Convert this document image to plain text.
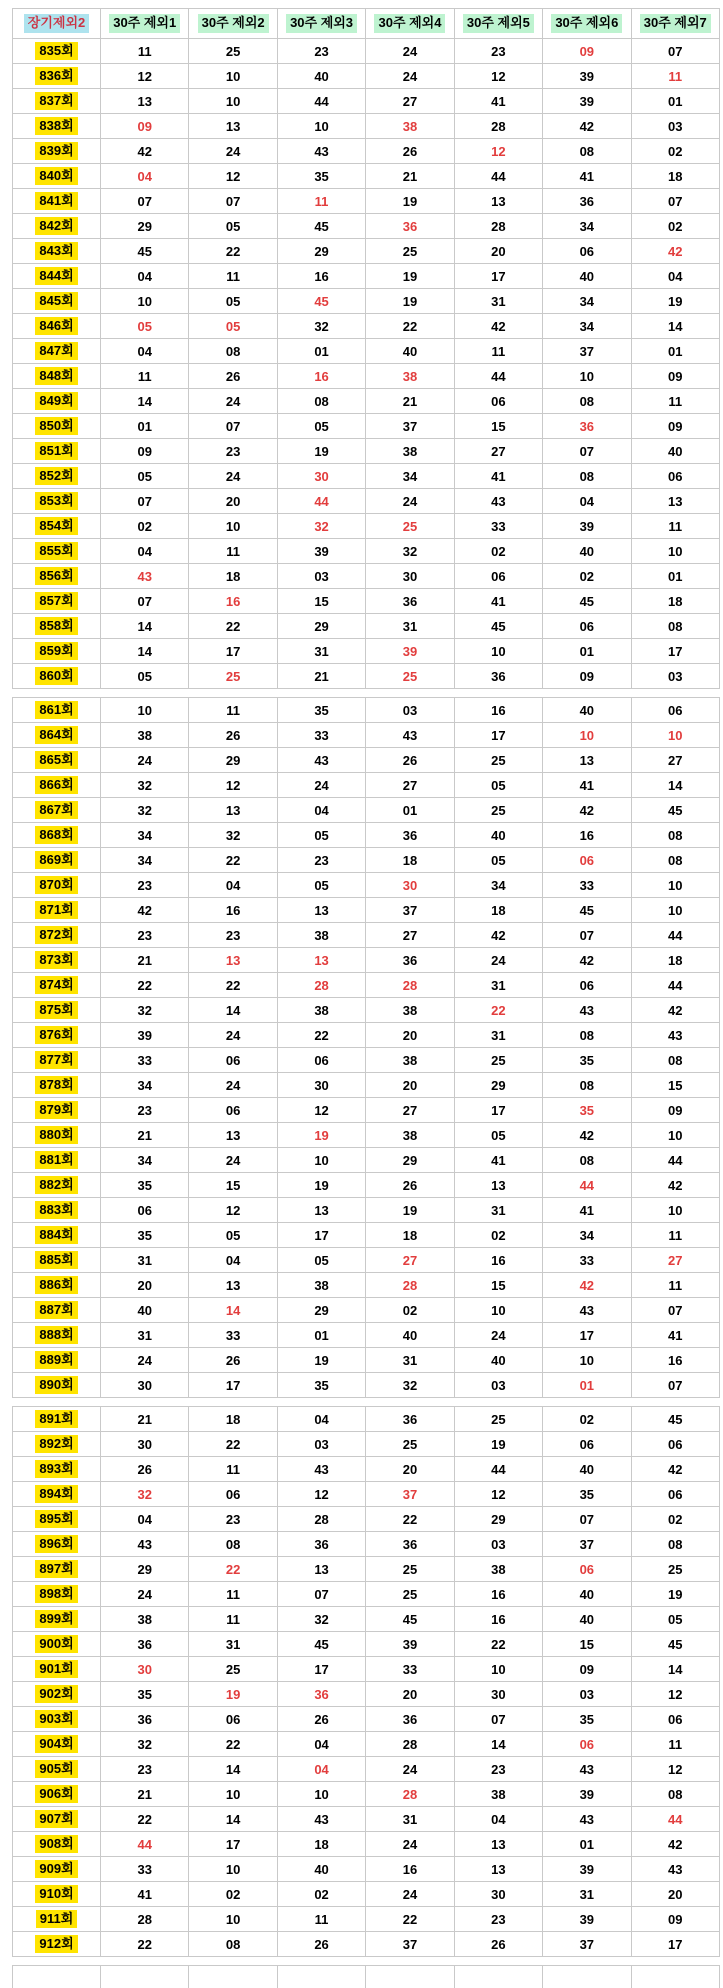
장기제외2	30주 제외1	30주 제외2	30주 제외3	30주 제외4	30주 제외5	30주 제외6	30주 제외7
835회	11	25	23	24	23	09	07
836회	12	10	40	24	12	39	11
837회	13	10	44	27	41	39	01
838회	09	13	10	38	28	42	03
839회	42	24	43	26	12	08	02
840회	04	12	35	21	44	41	18
841회	07	07	11	19	13	36	07
842회	29	05	45	36	28	34	02
843회	45	22	29	25	20	06	42
844회	04	11	16	19	17	40	04
845회	10	05	45	19	31	34	19
846회	05	05	32	22	42	34	14
847회	04	08	01	40	11	37	01
848회	11	26	16	38	44	10	09
849회	14	24	08	21	06	08	11
850회	01	07	05	37	15	36	09
851회	09	23	19	38	27	07	40
852회	05	24	30	34	41	08	06
853회	07	20	44	24	43	04	13
854회	02	10	32	25	33	39	11
855회	04	11	39	32	02	40	10
856회	43	18	03	30	06	02	01
857회	07	16	15	36	41	45	18
858회	14	22	29	31	45	06	08
859회	14	17	31	39	10	01	17
860회	05	25	21	25	36	09	03
861회	10	11	35	03	16	40	06
864회	38	26	33	43	17	10	10
865회	24	29	43	26	25	13	27
866회	32	12	24	27	05	41	14
867회	32	13	04	01	25	42	45
868회	34	32	05	36	40	16	08
869회	34	22	23	18	05	06	08
870회	23	04	05	30	34	33	10
871회	42	16	13	37	18	45	10
872회	23	23	38	27	42	07	44
873회	21	13	13	36	24	42	18
874회	22	22	28	28	31	06	44
875회	32	14	38	38	22	43	42
876회	39	24	22	20	31	08	43
877회	33	06	06	38	25	35	08
878회	34	24	30	20	29	08	15
879회	23	06	12	27	17	35	09
880회	21	13	19	38	05	42	10
881회	34	24	10	29	41	08	44
882회	35	15	19	26	13	44	42
883회	06	12	13	19	31	41	10
884회	35	05	17	18	02	34	11
885회	31	04	05	27	16	33	27
886회	20	13	38	28	15	42	11
887회	40	14	29	02	10	43	07
888회	31	33	01	40	24	17	41
889회	24	26	19	31	40	10	16
890회	30	17	35	32	03	01	07
891회	21	18	04	36	25	02	45
892회	30	22	03	25	19	06	06
893회	26	11	43	20	44	40	42
894회	32	06	12	37	12	35	06
895회	04	23	28	22	29	07	02
896회	43	08	36	36	03	37	08
897회	29	22	13	25	38	06	25
898회	24	11	07	25	16	40	19
899회	38	11	32	45	16	40	05
900회	36	31	45	39	22	15	45
901회	30	25	17	33	10	09	14
902회	35	19	36	20	30	03	12
903회	36	06	26	36	07	35	06
904회	32	22	04	28	14	06	11
905회	23	14	04	24	23	43	12
906회	21	10	10	28	38	39	08
907회	22	14	43	31	04	43	44
908회	44	17	18	24	13	01	42
909회	33	10	40	16	13	39	43
910회	41	02	02	24	30	31	20
911회	28	10	11	22	23	39	09
912회	22	08	26	37	26	37	17
